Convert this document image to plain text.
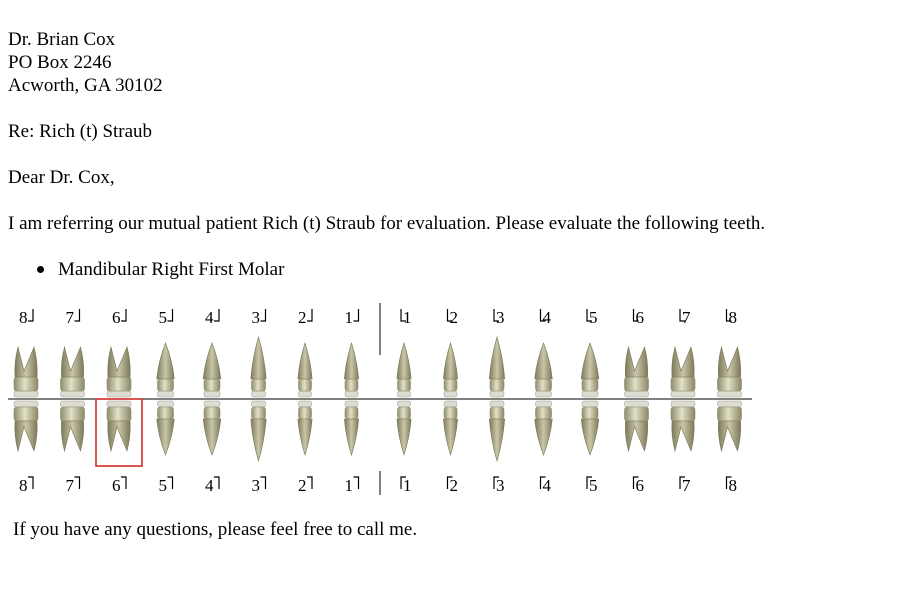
Dr. Brian Cox
PO Box 2246
Acworth, GA 30102
Re: Rich (t) Straub
Dear Dr. Cox,
I am referring our mutual patient Rich (t) Straub for evaluation. Please evaluate the following teeth.
Mandibular Right First Molar
8
8
1
1
7
7
2
2
6
6
3
3
5
5
4
4
4
4
5
5
3
3
6
6
2
2
7
7
1
1
8
8
If you have any questions, please feel free to call me.
